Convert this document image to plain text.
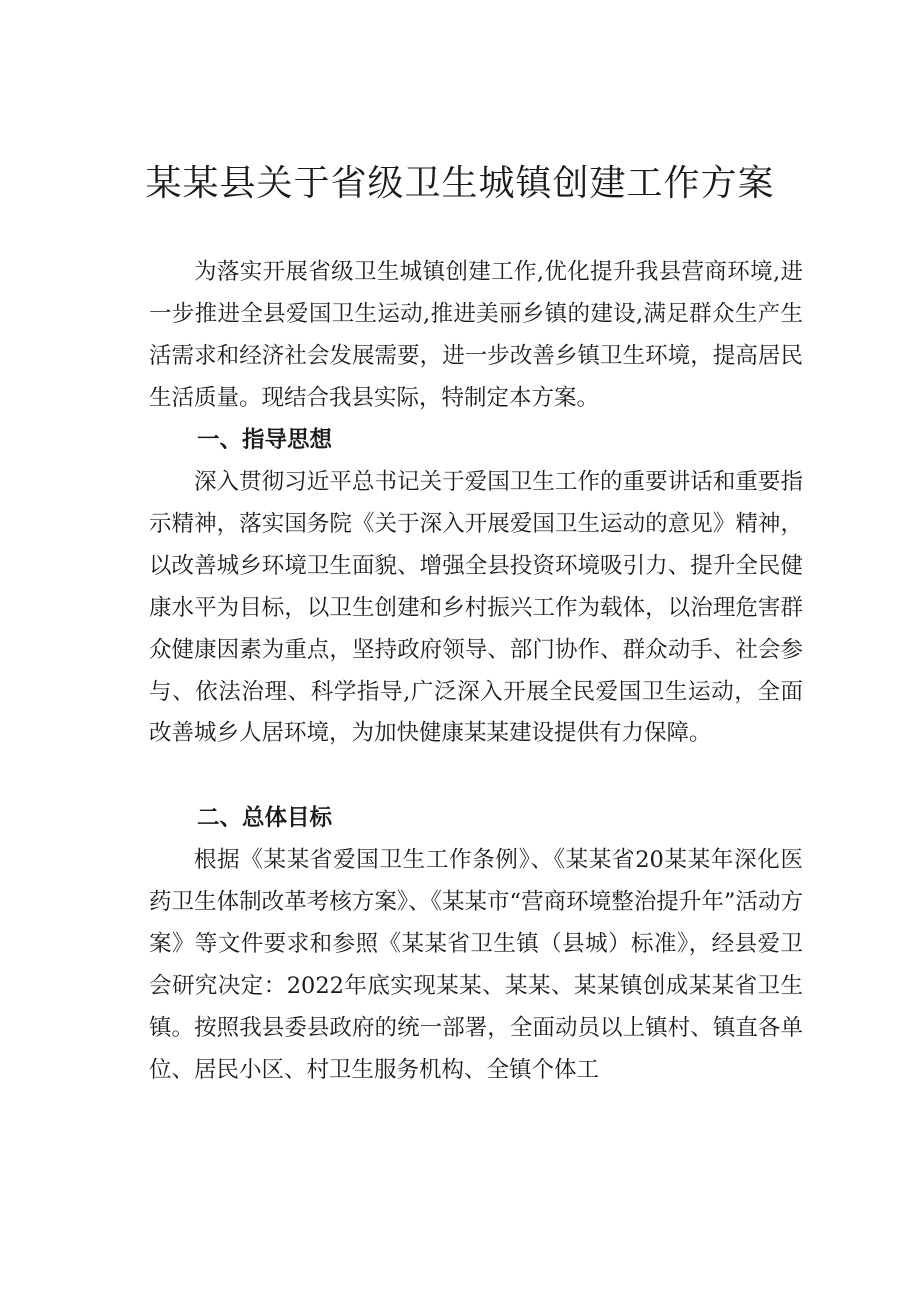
某某县关于省级卫生城镇创建工作方案

为落实开展省级卫生城镇创建工作,优化提升我县营商环境,进一步推进全县爱国卫生运动,推进美丽乡镇的建设,满足群众生产生活需求和经济社会发展需要，进一步改善乡镇卫生环境，提高居民生活质量。现结合我县实际，特制定本方案。

一、指导思想

深入贯彻习近平总书记关于爱国卫生工作的重要讲话和重要指示精神，落实国务院《关于深入开展爱国卫生运动的意见》精神，以改善城乡环境卫生面貌、增强全县投资环境吸引力、提升全民健康水平为目标，以卫生创建和乡村振兴工作为载体，以治理危害群众健康因素为重点，坚持政府领导、部门协作、群众动手、社会参与、依法治理、科学指导,广泛深入开展全民爱国卫生运动，全面改善城乡人居环境，为加快健康某某建设提供有力保障。

二、总体目标

根据《某某省爱国卫生工作条例》、《某某省20某某年深化医药卫生体制改革考核方案》、《某某市“营商环境整治提升年”活动方案》等文件要求和参照《某某省卫生镇（县城）标准》，经县爱卫会研究决定：2022年底实现某某、某某、某某镇创成某某省卫生镇。按照我县委县政府的统一部署，全面动员以上镇村、镇直各单位、居民小区、村卫生服务机构、全镇个体工
